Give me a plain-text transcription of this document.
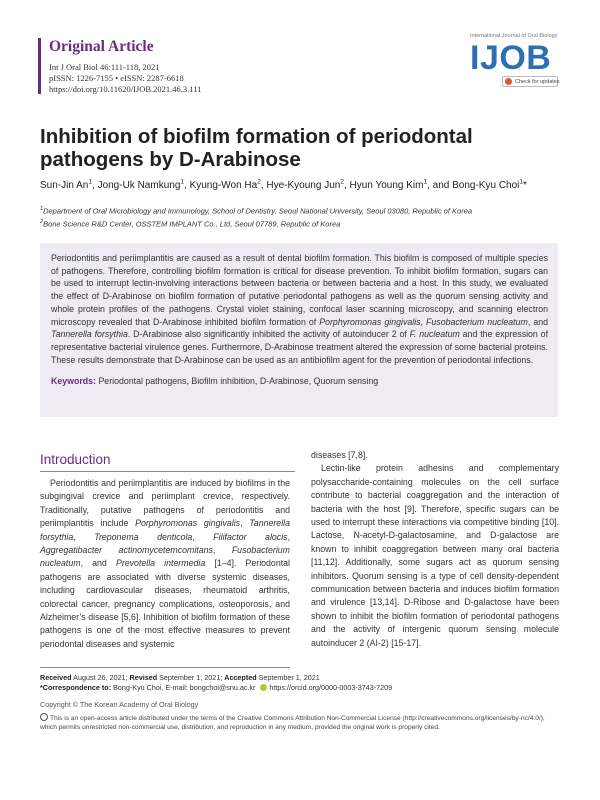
Original Article
Int J Oral Biol 46:111-118, 2021
pISSN: 1226-7155 • eISSN: 2287-6618
https://doi.org/10.11620/IJOB.2021.46.3.111
International Journal of Oral Biology
IJOB
Check for updates
Inhibition of biofilm formation of periodontal pathogens by D-Arabinose
Sun-Jin An$^1$, Jong-Uk Namkung$^1$, Kyung-Won Ha$^2$, Hye-Kyoung Jun$^2$, Hyun Young Kim$^1$, and Bong-Kyu Choi$^1$*
$^1$Department of Oral Microbiology and Immunology, School of Dentistry, Seoul National University, Seoul 03080, Republic of Korea
$^2$Bone Science R&D Center, OSSTEM IMPLANT Co., Ltd, Seoul 07789, Republic of Korea
Periodontitis and periimplantitis are caused as a result of dental biofilm formation. This biofilm is composed of multiple species of pathogens. Therefore, controlling biofilm formation is critical for disease prevention. To inhibit biofilm formation, sugars can be used to interrupt lectin-involving interactions between bacteria or between bacteria and a host. In this study, we evaluated the effect of D-Arabinose on biofilm formation of putative periodontal pathogens as well as the quorum sensing activity and whole protein profiles of the pathogens. Crystal violet staining, confocal laser scanning microscopy, and scanning electron microscopy revealed that D-Arabinose inhibited biofilm formation of Porphyromonas gingivalis, Fusobacterium nucleatum, and Tannerella forsythia. D-Arabinose also significantly inhibited the activity of autoinducer 2 of F. nucleatum and the expression of representative bacterial virulence genes. Furthermore, D-Arabinose treatment altered the expression of some bacterial proteins. These results demonstrate that D-Arabinose can be used as an antibiofilm agent for the prevention of periodontal infections.
Keywords: Periodontal pathogens, Biofilm inhibition, D-Arabinose, Quorum sensing
Introduction

Periodontitis and periimplantitis are induced by biofilms in the subgingival crevice and periimplant crevice, respectively. Traditionally, putative pathogens of periodontitis and periimplantitis include Porphyromonas gingivalis, Tannerella forsythia, Treponema denticola, Filifactor alocis, Aggregatibacter actinomycetemcomitans, Fusobacterium nucleatum, and Prevotella intermedia [1–4]. Periodontal pathogens are associated with diverse systemic diseases, including cardiovascular diseases, rheumatoid arthritis, colorectal cancer, pregnancy complications, osteoporosis, and Alzheimer’s disease [5,6]. Inhibition of biofilm formation of these pathogens is one of the most effective measures to prevent periodontal diseases and systemic

diseases [7,8].

Lectin-like protein adhesins and complementary polysaccharide-containing molecules on the cell surface contribute to bacterial coaggregation and the interaction of bacteria with the host [9]. Therefore, specific sugars can be used to interrupt these interactions via competitive binding [10]. Lactose, N-acetyl-D-galactosamine, and D-galactose are known to inhibit coaggregation between many oral bacteria [11,12]. Additionally, some sugars act as quorum sensing inhibitors. Quorum sensing is a type of cell density-dependent communication between bacteria and induces biofilm formation and virulence [13,14]. D-Ribose and D-galactose have been shown to inhibit the biofilm formation of periodontal pathogens and the activity of intergenic quorum sensing molecule autoinducer 2 (AI-2) [15-17].

Received August 26, 2021; Revised September 1, 2021; Accepted September 1, 2021
*Correspondence to: Bong-Kyu Choi, E-mail: bongchoi@snu.ac.kr https://orcid.org/0000-0003-3743-7209
Copyright © The Korean Academy of Oral Biology
This is an open-access article distributed under the terms of the Creative Commons Attribution Non-Commercial License (http://creativecommons.org/licenses/by-nc/4.0/), which permits unrestricted non-commercial use, distribution, and reproduction in any medium, provided the original work is properly cited.
